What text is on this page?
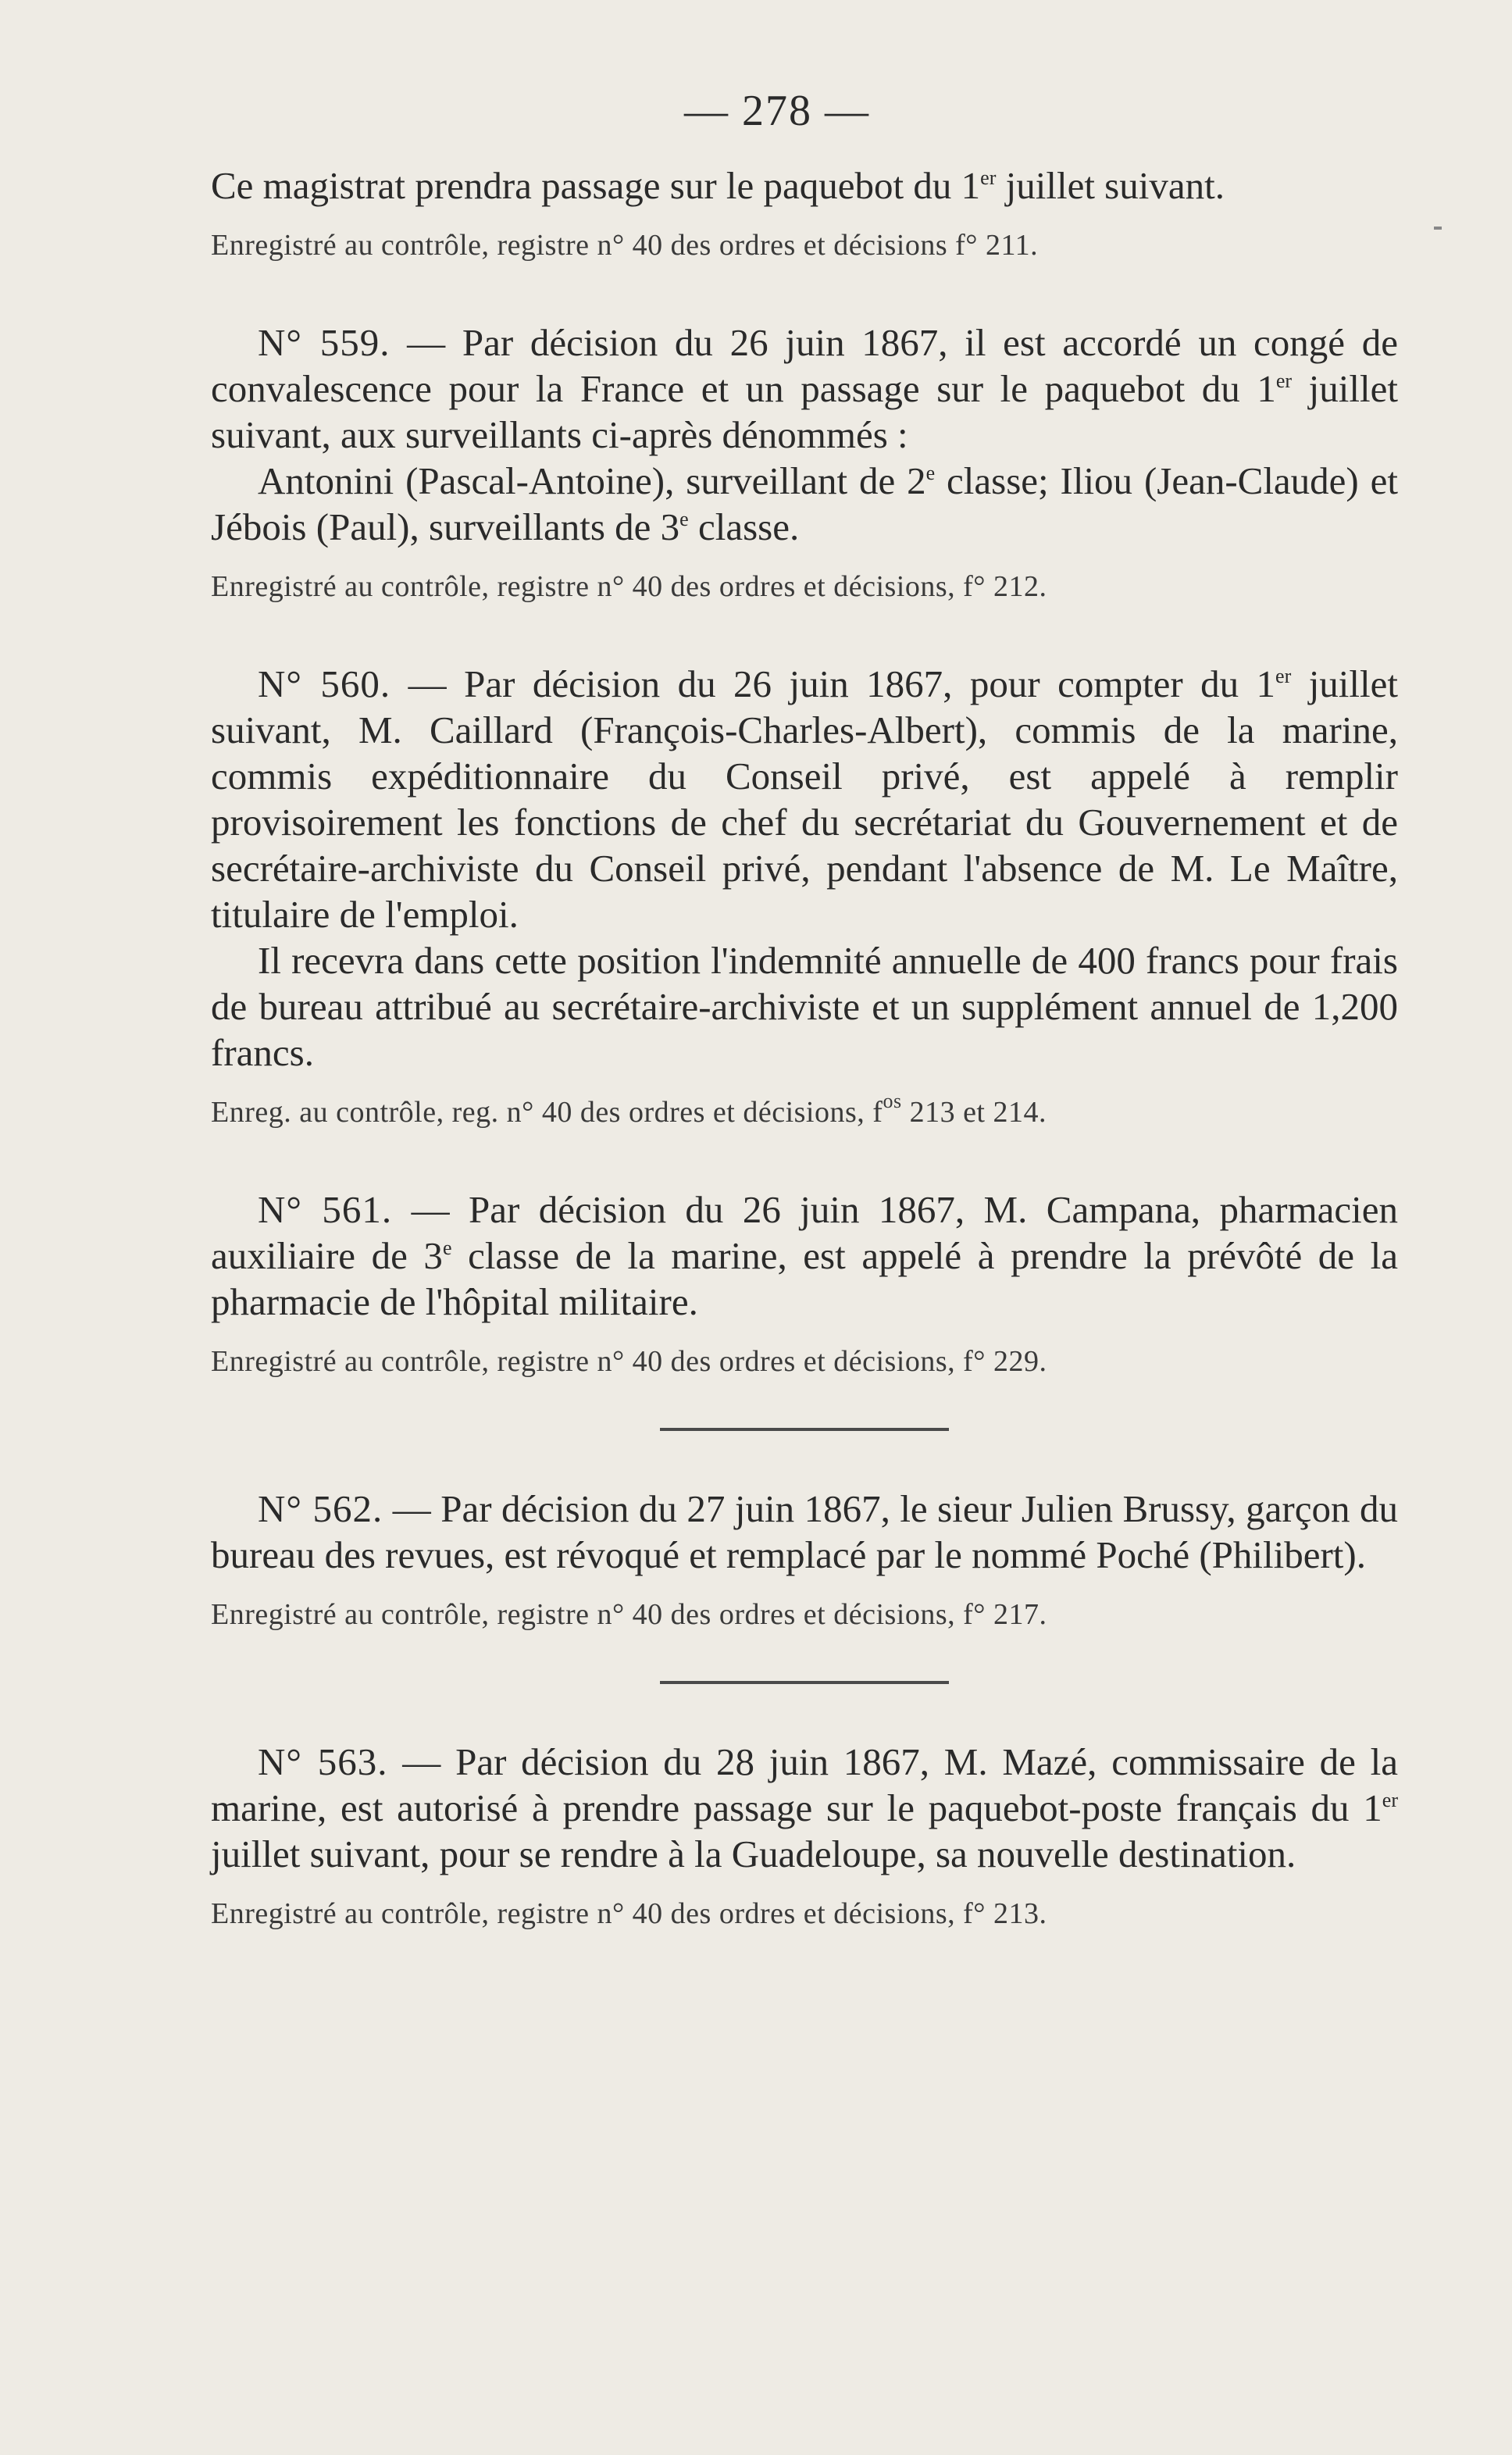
— 278 —

Ce magistrat prendra passage sur le paquebot du 1er juillet suivant.

Enregistré au contrôle, registre n° 40 des ordres et décisions f° 211.

N° 559. — Par décision du 26 juin 1867, il est accordé un congé de convalescence pour la France et un passage sur le paquebot du 1er juillet suivant, aux surveillants ci-après dénommés :

Antonini (Pascal-Antoine), surveillant de 2e classe; Iliou (Jean-Claude) et Jébois (Paul), surveillants de 3e classe.

Enregistré au contrôle, registre n° 40 des ordres et décisions, f° 212.

N° 560. — Par décision du 26 juin 1867, pour compter du 1er juillet suivant, M. Caillard (François-Charles-Albert), commis de la marine, commis expéditionnaire du Conseil privé, est appelé à remplir provisoirement les fonctions de chef du secrétariat du Gouvernement et de secrétaire-archiviste du Conseil privé, pendant l'absence de M. Le Maître, titulaire de l'emploi.

Il recevra dans cette position l'indemnité annuelle de 400 francs pour frais de bureau attribué au secrétaire-archiviste et un supplément annuel de 1,200 francs.

Enreg. au contrôle, reg. n° 40 des ordres et décisions, $f^{os}$ 213 et 214.

N° 561. — Par décision du 26 juin 1867, M. Campana, pharmacien auxiliaire de 3e classe de la marine, est appelé à prendre la prévôté de la pharmacie de l'hôpital militaire.

Enregistré au contrôle, registre n° 40 des ordres et décisions, f° 229.

N° 562. — Par décision du 27 juin 1867, le sieur Julien Brussy, garçon du bureau des revues, est révoqué et remplacé par le nommé Poché (Philibert).

Enregistré au contrôle, registre n° 40 des ordres et décisions, f° 217.

N° 563. — Par décision du 28 juin 1867, M. Mazé, commissaire de la marine, est autorisé à prendre passage sur le paquebot-poste français du 1er juillet suivant, pour se rendre à la Guadeloupe, sa nouvelle destination.

Enregistré au contrôle, registre n° 40 des ordres et décisions, f° 213.
